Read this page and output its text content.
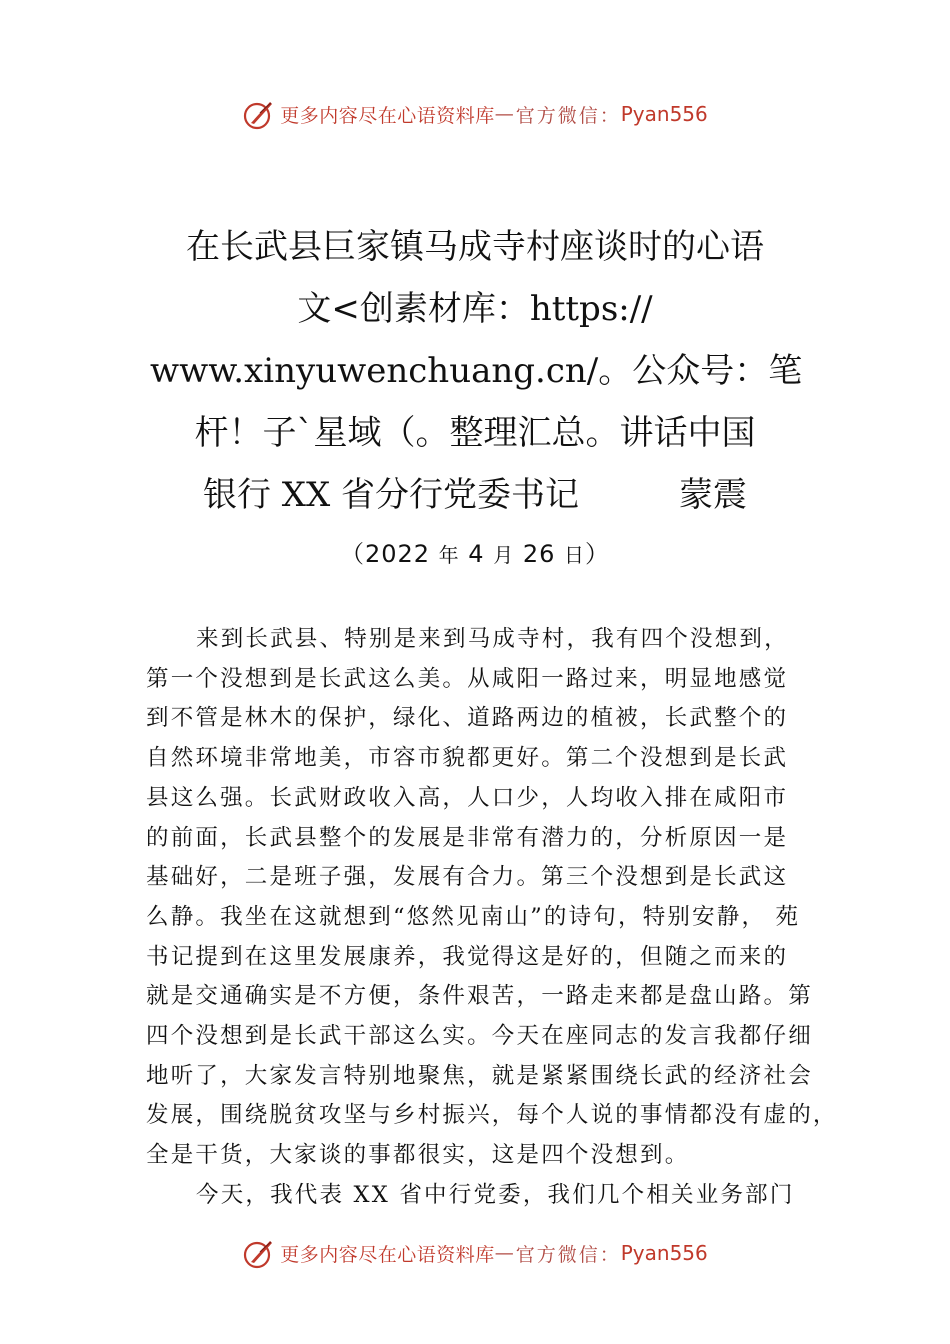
更多内容尽在心语资料库 — 官方微信： Pyan556
在长武县巨家镇马成寺村座谈时的心语
文<创素材库：https://
www.xinyuwenchuang.cn/。公众号：笔
杆！子`星域（。整理汇总。讲话中国
银行 XX 省分行党委书记	蒙震
（2022 年 4 月 26 日）
来到长武县、特别是来到马成寺村，我有四个没想到，
第一个没想到是长武这么美。从咸阳一路过来，明显地感觉
到不管是林木的保护，绿化、道路两边的植被，长武整个的
自然环境非常地美，市容市貌都更好。第二个没想到是长武
县这么强。长武财政收入高，人口少，人均收入排在咸阳市
的前面，长武县整个的发展是非常有潜力的，分析原因一是
基础好，二是班子强，发展有合力。第三个没想到是长武这
么静。我坐在这就想到“悠然见南山”的诗句，特别安静， 苑
书记提到在这里发展康养，我觉得这是好的，但随之而来的
就是交通确实是不方便，条件艰苦，一路走来都是盘山路。第
四个没想到是长武干部这么实。今天在座同志的发言我都仔细
地听了，大家发言特别地聚焦，就是紧紧围绕长武的经济社会
发展，围绕脱贫攻坚与乡村振兴，每个人说的事情都没有虚的，
全是干货，大家谈的事都很实，这是四个没想到。
今天，我代表 XX 省中行党委，我们几个相关业务部门
更多内容尽在心语资料库 — 官方微信： Pyan556
